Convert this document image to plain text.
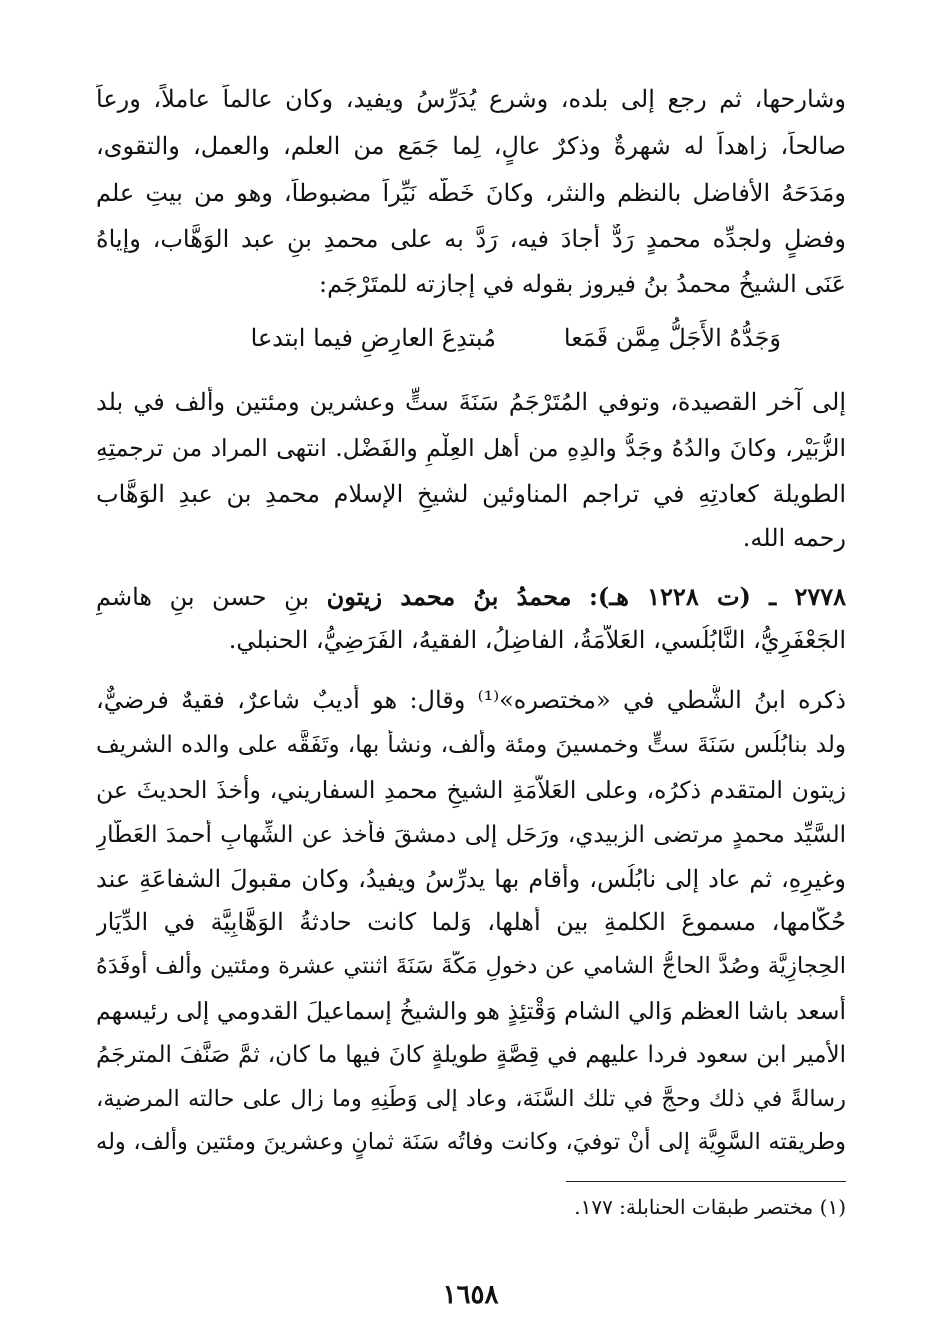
وشارحها، ثم رجع إلى بلده، وشرع يُدَرِّسُ ويفيد، وكان عالماً عاملاً، ورعاً
صالحاً، زاهداً له شهرةٌ وذكرٌ عالٍ، لِما جَمَع من العلم، والعمل، والتقوى،
ومَدَحَهُ الأفاضل بالنظم والنثر، وكانَ خَطُّه نَيِّراً مضبوطاً، وهو من بيتِ علم
وفضلٍ ولجدِّه محمدٍ رَدٌّ أجادَ فيه، رَدَّ به على محمدِ بنِ عبد الوَهَّاب، وإياهُ
عَنَى الشيخُ محمدُ بنُ فيروز بقوله في إجازته للمتَرْجَم:
وَجَدُّهُ الأَجَلُّ مِمَّن قَمَعا
مُبتدِعَ العارِضِ فيما ابتدعا
إلى آخر القصيدة، وتوفي المُتَرْجَمُ سَنَةَ ستٍّ وعشرين ومئتين وألف في بلد
الزُّبَيْر، وكانَ والدُهُ وجَدُّ والدِهِ من أهل العِلْمِ والفَضْل. انتهى المراد من ترجمتِهِ
الطويلة كعادتِهِ في تراجم المناوئين لشيخِ الإسلام محمدِ بن عبدِ الوَهَّاب
رحمه الله.
٢٧٧٨ ـ (ت ١٢٢٨ هـ): محمدُ بنُ محمد زيتون بنِ حسن بنِ هاشمِ
الجَعْفَرِيُّ، النَّابُلُسي، العَلاَّمَةُ، الفاضِلُ، الفقيهُ، الفَرَضِيُّ، الحنبلي.
ذكره ابنُ الشُّطي في «مختصره»⁽¹⁾ وقال: هو أديبٌ شاعرٌ، فقيهٌ فرضيٌّ،
ولد بنابُلُس سَنَةَ ستٍّ وخمسينَ ومئة وألف، ونشأ بها، وتَفَقَّه على والده الشريف
زيتون المتقدم ذكرُه، وعلى العَلاَّمَةِ الشيخِ محمدِ السفاريني، وأخذَ الحديثَ عن
السَّيِّد محمدٍ مرتضى الزبيدي، ورَحَل إلى دمشقَ فأخذ عن الشِّهابِ أحمدَ العَطَّارِ
وغيرِهِ، ثم عاد إلى نابُلُس، وأقام بها يدرِّسُ ويفيدُ، وكان مقبولَ الشفاعَةِ عند
حُكَّامها، مسموعَ الكلمةِ بين أهلها، وَلما كانت حادثةُ الوَهَّابِيَّة في الدِّيَار
الحِجازِيَّة وصُدَّ الحاجُّ الشامي عن دخولِ مَكَّةَ سَنَةَ اثنتي عشرة ومئتين وألف أوفَدَهُ
أسعد باشا العظم وَالي الشام وَقْتئِذٍ هو والشيخُ إسماعيلَ القدومي إلى رئيسهم
الأمير ابن سعود فردا عليهم في قِصَّةٍ طويلةٍ كانَ فيها ما كان، ثمَّ صَنَّفَ المترجَمُ
رسالةً في ذلك وحجَّ في تلك السَّنَة، وعاد إلى وَطَنِهِ وما زال على حالته المرضية،
وطريقته السَّوِيَّة إلى أنْ توفيَ، وكانت وفاتُه سَنَة ثمانٍ وعشرينَ ومئتين وألف، وله
(١) مختصر طبقات الحنابلة: ١٧٧.
١٦٥٨
